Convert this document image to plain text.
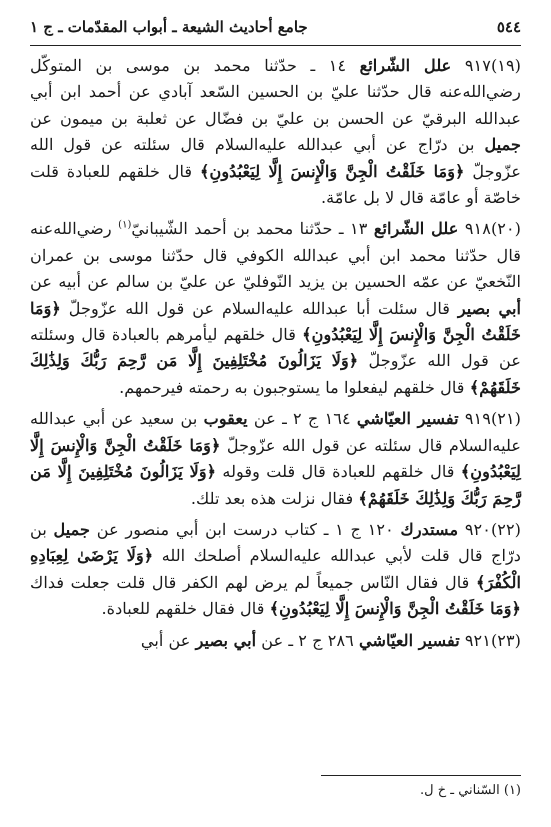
٥٤٤
جامع أحاديث الشيعة ـ أبواب المقدّمات ـ ج ١

(١٩)٩١٧ علل الشّرائع ١٤ ـ حدّثنا محمد بن موسى بن المتوكّل رضي‌الله‌عنه قال حدّثنا عليّ بن الحسين السّعد آبادي عن أحمد ابن أبي عبدالله البرقيّ عن الحسن بن عليّ بن فضّال عن ثعلبة بن ميمون عن جميل بن درّاج عن أبي عبدالله عليه‌السلام قال سئلته عن قول الله عزّوجلّ ﴿وَمَا خَلَقْتُ الْجِنَّ وَالْإِنسَ إِلَّا لِيَعْبُدُونِ﴾ قال خلقهم للعبادة قلت خاصّة أو عامّة قال لا بل عامّة.

(٢٠)٩١٨ علل الشّرائع ١٣ ـ حدّثنا محمد بن أحمد الشّيبانيّ$^{(١)}$ رضي‌الله‌عنه قال حدّثنا محمد ابن أبي عبدالله الكوفي قال حدّثنا موسى بن عمران النّخعيّ عن عمّه الحسين بن يزيد النّوفليّ عن عليّ بن سالم عن أبيه عن أبي بصير قال سئلت أبا عبدالله عليه‌السلام عن قول الله عزّوجلّ ﴿وَمَا خَلَقْتُ الْجِنَّ وَالْإِنسَ إِلَّا لِيَعْبُدُونِ﴾ قال خلقهم ليأمرهم بالعبادة قال وسئلته عن قول الله عزّوجلّ ﴿وَلَا يَزَالُونَ مُخْتَلِفِينَ إِلَّا مَن رَّحِمَ رَبُّكَ وَلِذَٰلِكَ خَلَقَهُمْ﴾ قال خلقهم ليفعلوا ما يستوجبون به رحمته فيرحمهم.

(٢١)٩١٩ تفسير العيّاشي ١٦٤ ج ٢ ـ عن يعقوب بن سعيد عن أبي عبدالله عليه‌السلام قال سئلته عن قول الله عزّوجلّ ﴿وَمَا خَلَقْتُ الْجِنَّ وَالْإِنسَ إِلَّا لِيَعْبُدُونِ﴾ قال خلقهم للعبادة قال قلت وقوله ﴿وَلَا يَزَالُونَ مُخْتَلِفِينَ إِلَّا مَن رَّحِمَ رَبُّكَ وَلِذَٰلِكَ خَلَقَهُمْ﴾ فقال نزلت هذه بعد تلك.

(٢٢)٩٢٠ مستدرك ١٢٠ ج ١ ـ كتاب درست ابن أبي منصور عن جميل بن درّاج قال قلت لأبي عبدالله عليه‌السلام أصلحك الله ﴿وَلَا يَرْضَىٰ لِعِبَادِهِ الْكُفْرَ﴾ قال فقال النّاس جميعاً لم يرض لهم الكفر قال قلت جعلت فداك ﴿وَمَا خَلَقْتُ الْجِنَّ وَالْإِنسَ إِلَّا لِيَعْبُدُونِ﴾ قال فقال خلقهم للعبادة.

(٢٣)٩٢١ تفسير العيّاشي ٢٨٦ ج ٢ ـ عن أبي بصير عن أبي

(١) السّناني ـ خ ل.
